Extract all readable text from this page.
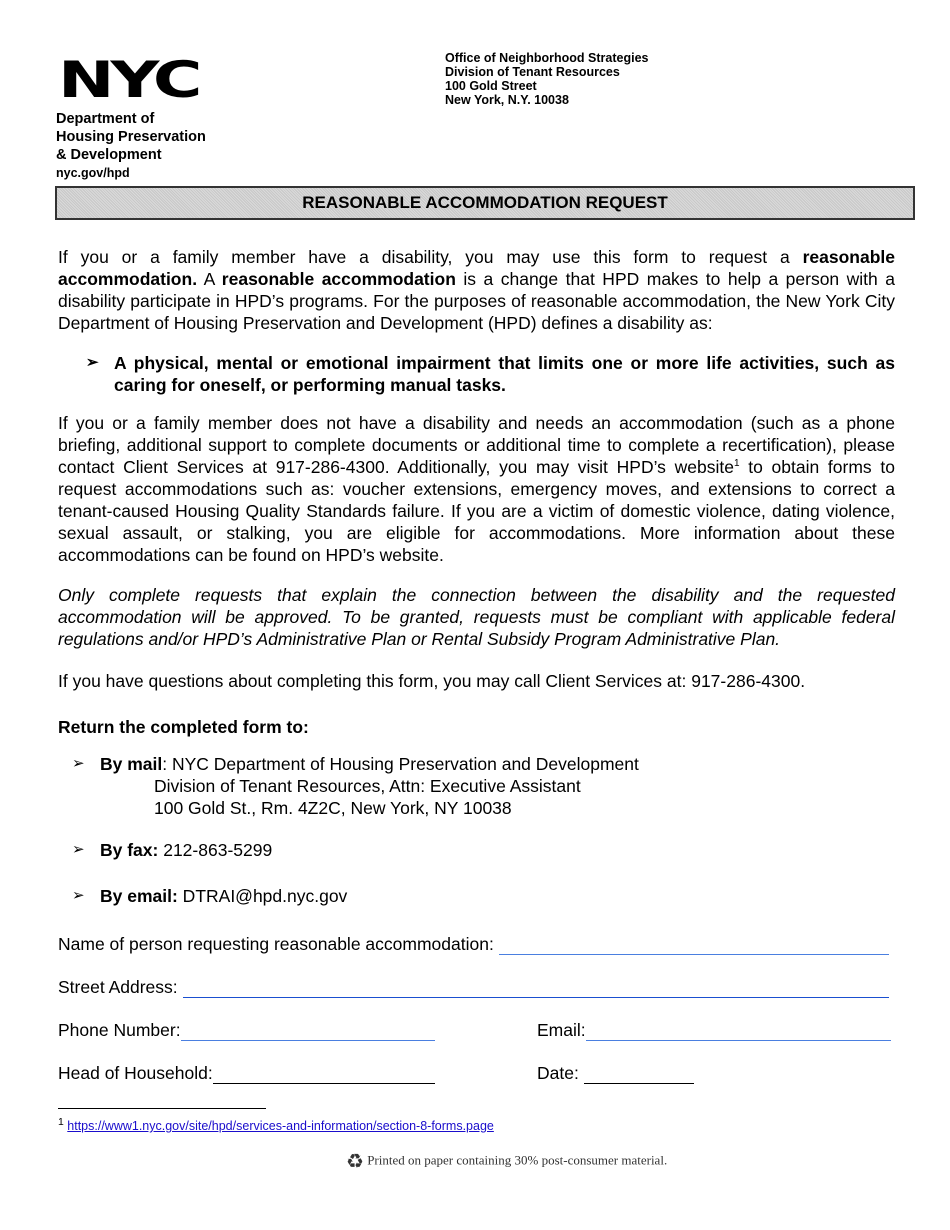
NYC
Department of
Housing Preservation
& Development
nyc.gov/hpd
Office of Neighborhood Strategies
Division of Tenant Resources
100 Gold Street
New York, N.Y. 10038
REASONABLE ACCOMMODATION REQUEST
If you or a family member have a disability, you may use this form to request a reasonable accommodation. A reasonable accommodation is a change that HPD makes to help a person with a disability participate in HPD’s programs. For the purposes of reasonable accommodation, the New York City Department of Housing Preservation and Development (HPD) defines a disability as:
➢ A physical, mental or emotional impairment that limits one or more life activities, such as caring for oneself, or performing manual tasks.
If you or a family member does not have a disability and needs an accommodation (such as a phone briefing, additional support to complete documents or additional time to complete a recertification), please contact Client Services at 917-286-4300. Additionally, you may visit HPD’s website$^1$ to obtain forms to request accommodations such as: voucher extensions, emergency moves, and extensions to correct a tenant-caused Housing Quality Standards failure. If you are a victim of domestic violence, dating violence, sexual assault, or stalking, you are eligible for accommodations. More information about these accommodations can be found on HPD’s website.
Only complete requests that explain the connection between the disability and the requested accommodation will be approved. To be granted, requests must be compliant with applicable federal regulations and/or HPD’s Administrative Plan or Rental Subsidy Program Administrative Plan.
If you have questions about completing this form, you may call Client Services at: 917-286-4300.
Return the completed form to:
➢ By mail: NYC Department of Housing Preservation and Development
Division of Tenant Resources, Attn: Executive Assistant
100 Gold St., Rm. 4Z2C, New York, NY 10038
➢ By fax: 212-863-5299
➢ By email: DTRAI@hpd.nyc.gov
Name of person requesting reasonable accommodation:
Street Address:
Phone Number:	Email:
Head of Household:	Date:
$^1$ https://www1.nyc.gov/site/hpd/services-and-information/section-8-forms.page
♻ Printed on paper containing 30% post-consumer material.
